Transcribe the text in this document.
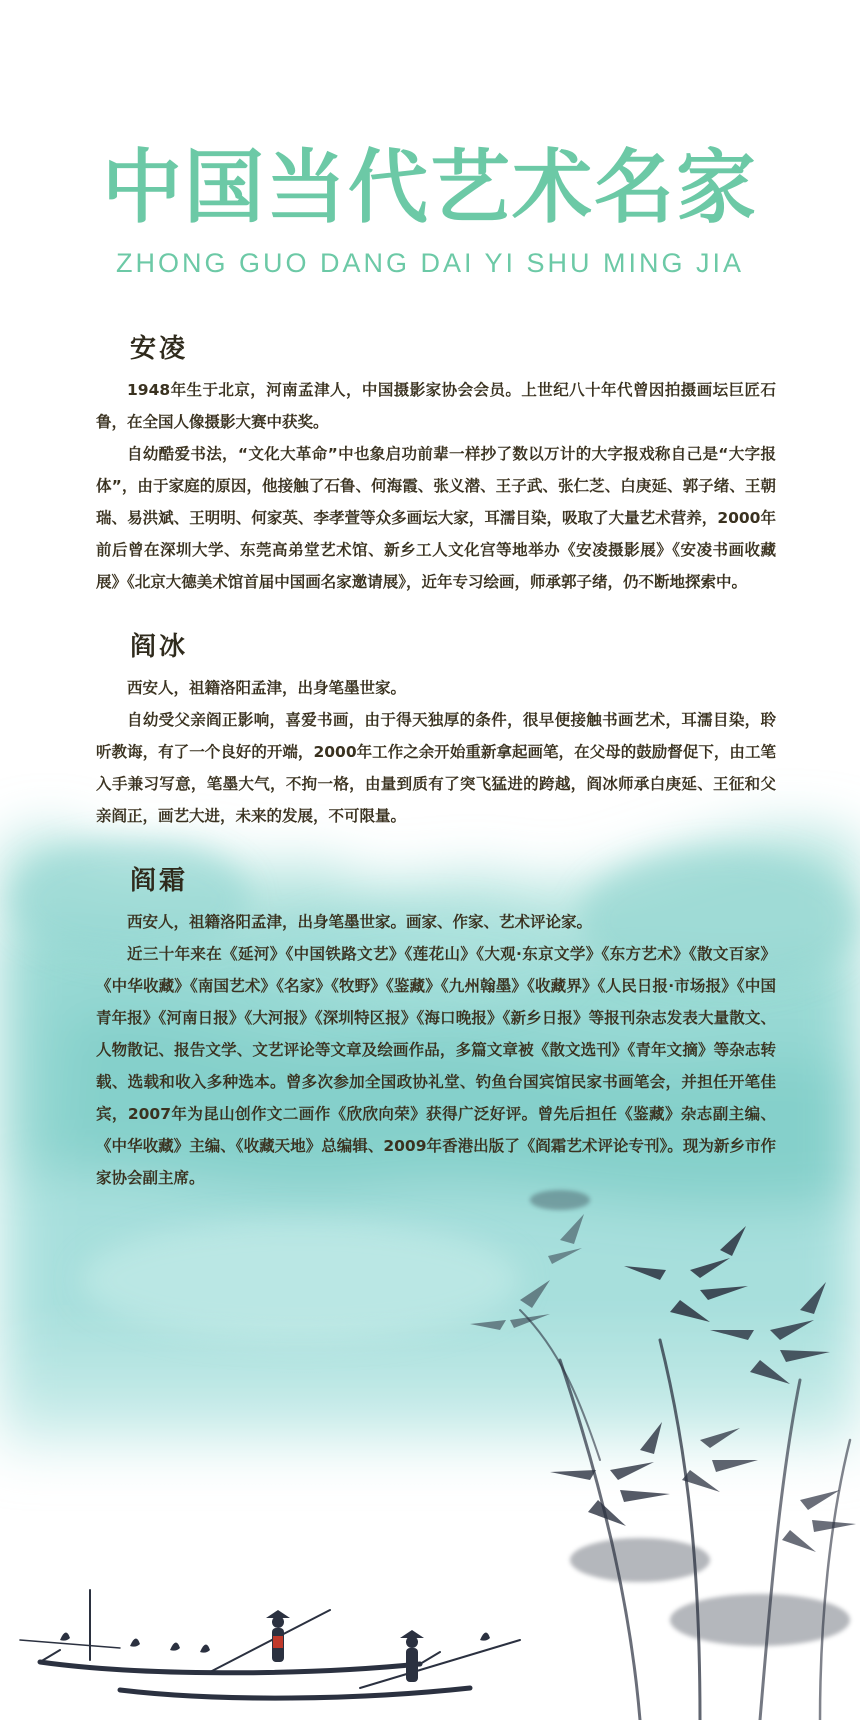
中国当代艺术名家
ZHONG GUO DANG DAI YI SHU MING JIA
安凌

1948年生于北京，河南孟津人，中国摄影家协会会员。上世纪八十年代曾因拍摄画坛巨匠石鲁，在全国人像摄影大赛中获奖。

自幼酷爱书法，“文化大革命”中也象启功前辈一样抄了数以万计的大字报戏称自己是“大字报体”，由于家庭的原因，他接触了石鲁、何海霞、张义潜、王子武、张仁芝、白庚延、郭子绪、王朝瑞、易洪斌、王明明、何家英、李孝萱等众多画坛大家，耳濡目染，吸取了大量艺术营养，2000年前后曾在深圳大学、东莞高弟堂艺术馆、新乡工人文化宫等地举办《安凌摄影展》《安凌书画收藏展》《北京大德美术馆首届中国画名家邀请展》，近年专习绘画，师承郭子绪，仍不断地探索中。

阎冰

西安人，祖籍洛阳孟津，出身笔墨世家。

自幼受父亲阎正影响，喜爱书画，由于得天独厚的条件，很早便接触书画艺术，耳濡目染，聆听教诲，有了一个良好的开端，2000年工作之余开始重新拿起画笔，在父母的鼓励督促下，由工笔入手兼习写意，笔墨大气，不拘一格，由量到质有了突飞猛进的跨越，阎冰师承白庚延、王征和父亲阎正，画艺大进，未来的发展，不可限量。

阎霜

西安人，祖籍洛阳孟津，出身笔墨世家。画家、作家、艺术评论家。

近三十年来在《延河》《中国铁路文艺》《莲花山》《大观·东京文学》《东方艺术》《散文百家》《中华收藏》《南国艺术》《名家》《牧野》《鉴藏》《九州翰墨》《收藏界》《人民日报·市场报》《中国青年报》《河南日报》《大河报》《深圳特区报》《海口晚报》《新乡日报》等报刊杂志发表大量散文、人物散记、报告文学、文艺评论等文章及绘画作品，多篇文章被《散文选刊》《青年文摘》等杂志转载、选载和收入多种选本。曾多次参加全国政协礼堂、钓鱼台国宾馆民家书画笔会，并担任开笔佳宾，2007年为昆山创作文二画作《欣欣向荣》获得广泛好评。曾先后担任《鉴藏》杂志副主编、《中华收藏》主编、《收藏天地》总编辑、2009年香港出版了《阎霜艺术评论专刊》。现为新乡市作家协会副主席。
